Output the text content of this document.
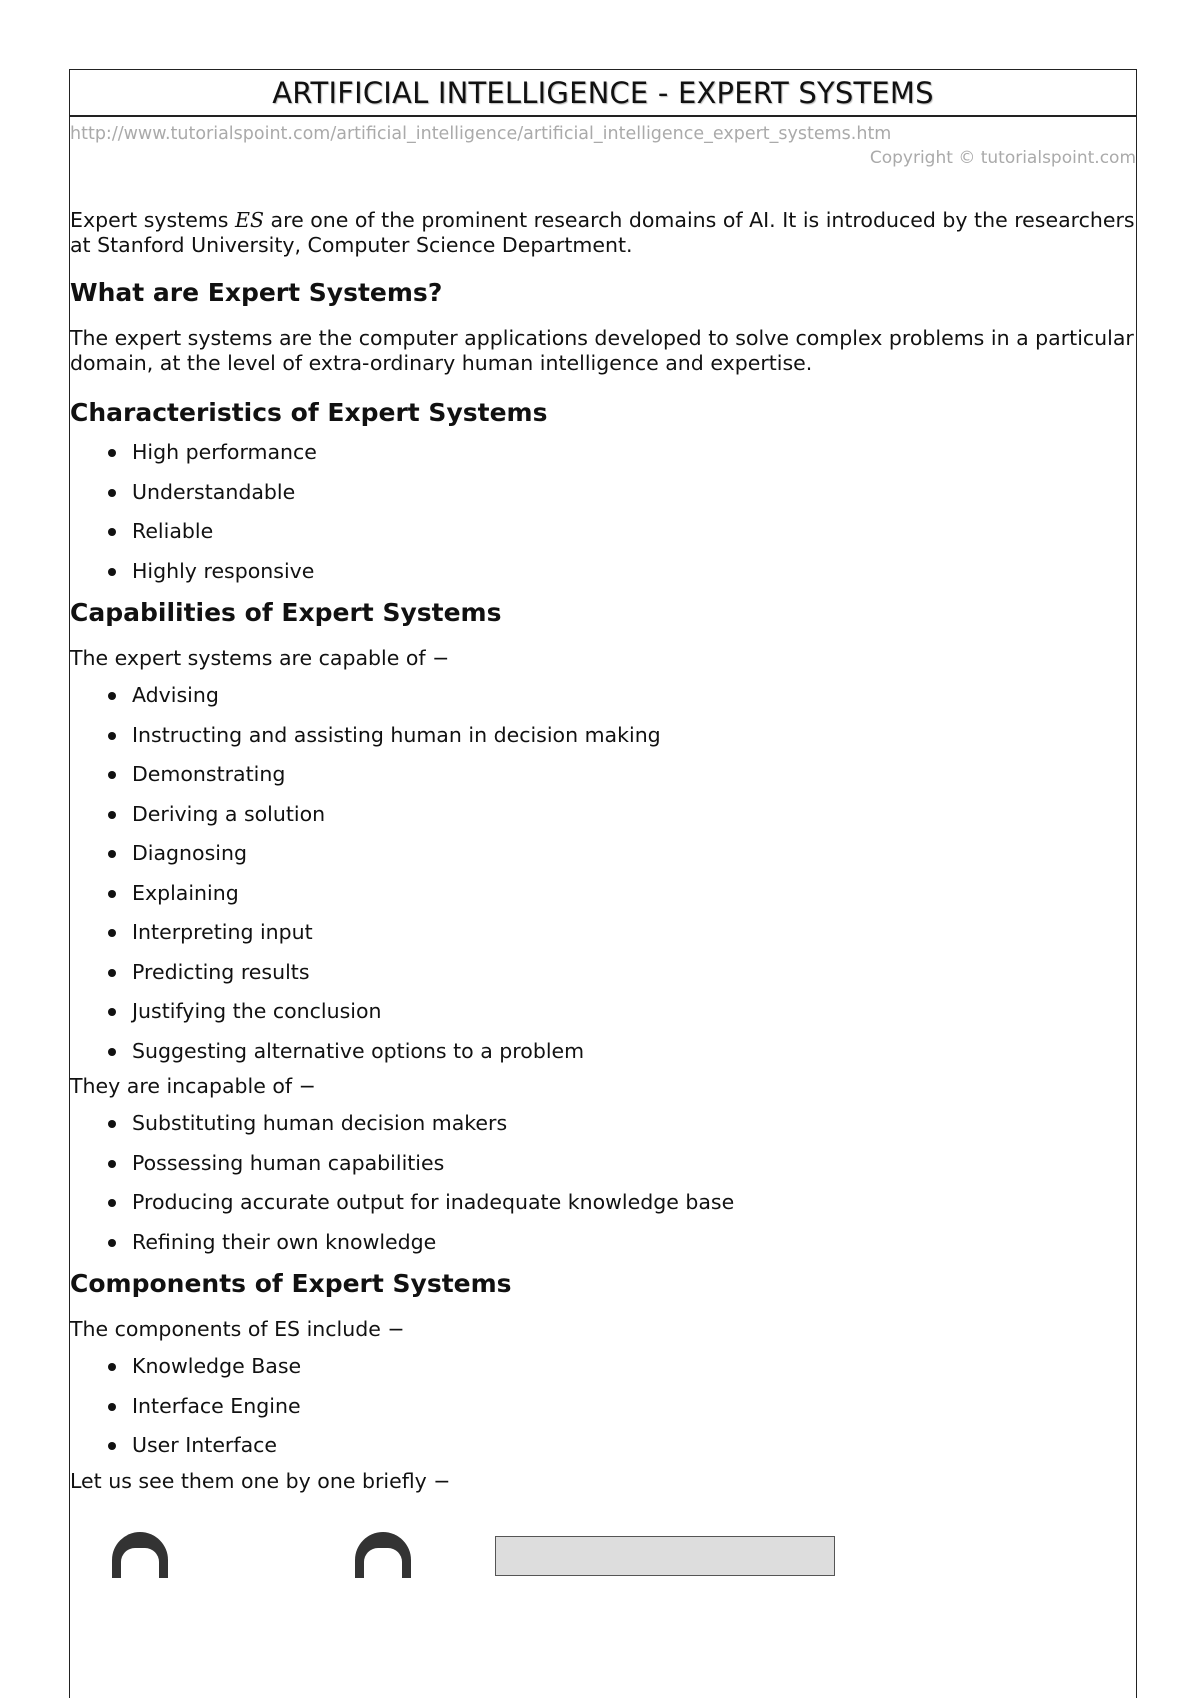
ARTIFICIAL INTELLIGENCE - EXPERT SYSTEMS
http://www.tutorialspoint.com/artificial_intelligence/artificial_intelligence_expert_systems.htm
Copyright © tutorialspoint.com

Expert systems ES are one of the prominent research domains of AI. It is introduced by the researchers at Stanford University, Computer Science Department.

What are Expert Systems?

The expert systems are the computer applications developed to solve complex problems in a particular domain, at the level of extra-ordinary human intelligence and expertise.

Characteristics of Expert Systems
High performance
Understandable
Reliable
Highly responsive
Capabilities of Expert Systems

The expert systems are capable of −

Advising
Instructing and assisting human in decision making
Demonstrating
Deriving a solution
Diagnosing
Explaining
Interpreting input
Predicting results
Justifying the conclusion
Suggesting alternative options to a problem

They are incapable of −

Substituting human decision makers
Possessing human capabilities
Producing accurate output for inadequate knowledge base
Refining their own knowledge
Components of Expert Systems

The components of ES include −

Knowledge Base
Interface Engine
User Interface

Let us see them one by one briefly −
